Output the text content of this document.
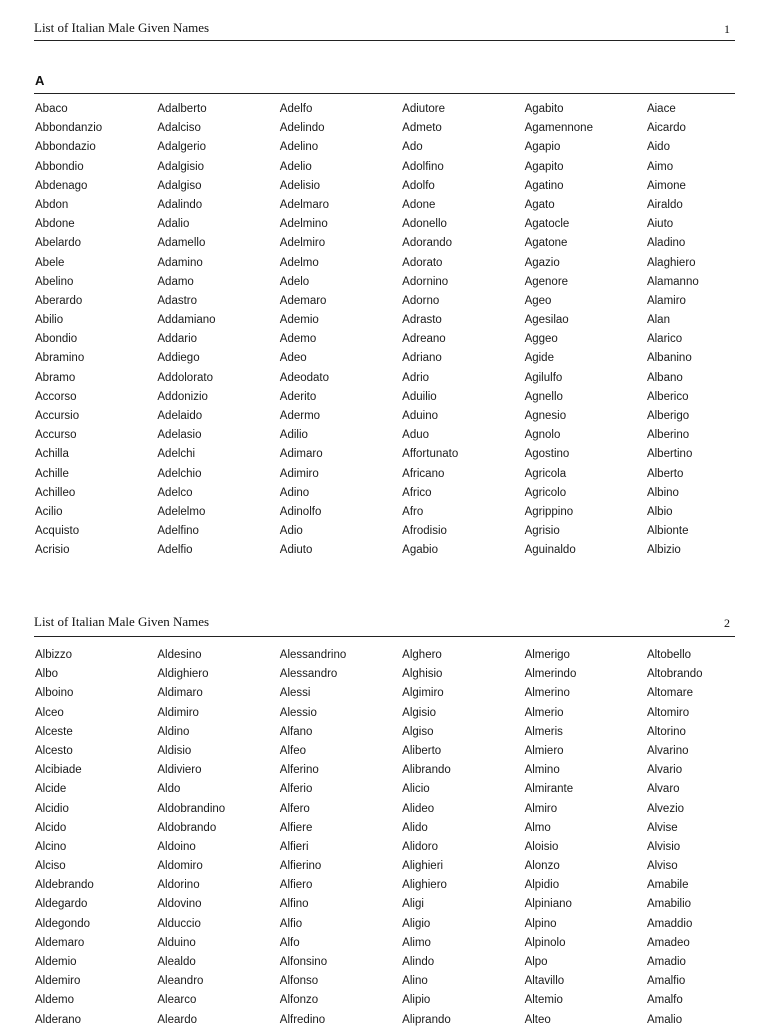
List of Italian Male Given Names	1
A
Abaco
Abbondanzio
Abbondazio
Abbondio
Abdenago
Abdon
Abdone
Abelardo
Abele
Abelino
Aberardo
Abilio
Abondio
Abramino
Abramo
Accorso
Accursio
Accurso
Achilla
Achille
Achilleo
Acilio
Acquisto
Acrisio
Adalberto
Adalciso
Adalgerio
Adalgisio
Adalgiso
Adalindo
Adalio
Adamello
Adamino
Adamo
Adastro
Addamiano
Addario
Addiego
Addolorato
Addonizio
Adelaido
Adelasio
Adelchi
Adelchio
Adelco
Adelelmo
Adelfino
Adelfio
Adelfo
Adelindo
Adelino
Adelio
Adelisio
Adelmaro
Adelmino
Adelmiro
Adelmo
Adelo
Ademaro
Ademio
Ademo
Adeo
Adeodato
Aderito
Adermo
Adilio
Adimaro
Adimiro
Adino
Adinolfo
Adio
Adiuto
Adiutore
Admeto
Ado
Adolfino
Adolfo
Adone
Adonello
Adorando
Adorato
Adornino
Adorno
Adrasto
Adreano
Adriano
Adrio
Aduilio
Aduino
Aduo
Affortunato
Africano
Africo
Afro
Afrodisio
Agabio
Agabito
Agamennone
Agapio
Agapito
Agatino
Agato
Agatocle
Agatone
Agazio
Agenore
Ageo
Agesilao
Aggeo
Agide
Agilulfo
Agnello
Agnesio
Agnolo
Agostino
Agricola
Agricolo
Agrippino
Agrisio
Aguinaldo
Aiace
Aicardo
Aido
Aimo
Aimone
Airaldo
Aiuto
Aladino
Alaghiero
Alamanno
Alamiro
Alan
Alarico
Albanino
Albano
Alberico
Alberigo
Alberino
Albertino
Alberto
Albino
Albio
Albionte
Albizio
List of Italian Male Given Names	2
Albizzo
Albo
Alboino
Alceo
Alceste
Alcesto
Alcibiade
Alcide
Alcidio
Alcido
Alcino
Alciso
Aldebrando
Aldegardo
Aldegondo
Aldemaro
Aldemio
Aldemiro
Aldemo
Alderano
Aldesino
Aldighiero
Aldimaro
Aldimiro
Aldino
Aldisio
Aldiviero
Aldo
Aldobrandino
Aldobrando
Aldoino
Aldomiro
Aldorino
Aldovino
Alduccio
Alduino
Alealdo
Aleandro
Alearco
Aleardo
Alessandrino
Alessandro
Alessi
Alessio
Alfano
Alfeo
Alferino
Alferio
Alfero
Alfiere
Alfieri
Alfierino
Alfiero
Alfino
Alfio
Alfo
Alfonsino
Alfonso
Alfonzo
Alfredino
Alghero
Alghisio
Algimiro
Algisio
Algiso
Aliberto
Alibrando
Alicio
Alideo
Alido
Alidoro
Alighieri
Alighiero
Aligi
Aligio
Alimo
Alindo
Alino
Alipio
Aliprando
Almerigo
Almerindo
Almerino
Almerio
Almeris
Almiero
Almino
Almirante
Almiro
Almo
Aloisio
Alonzo
Alpidio
Alpiniano
Alpino
Alpinolo
Alpo
Altavillo
Altemio
Alteo
Altobello
Altobrando
Altomare
Altomiro
Altorino
Alvarino
Alvario
Alvaro
Alvezio
Alvise
Alvisio
Alviso
Amabile
Amabilio
Amaddio
Amadeo
Amadio
Amalfio
Amalfo
Amalio
